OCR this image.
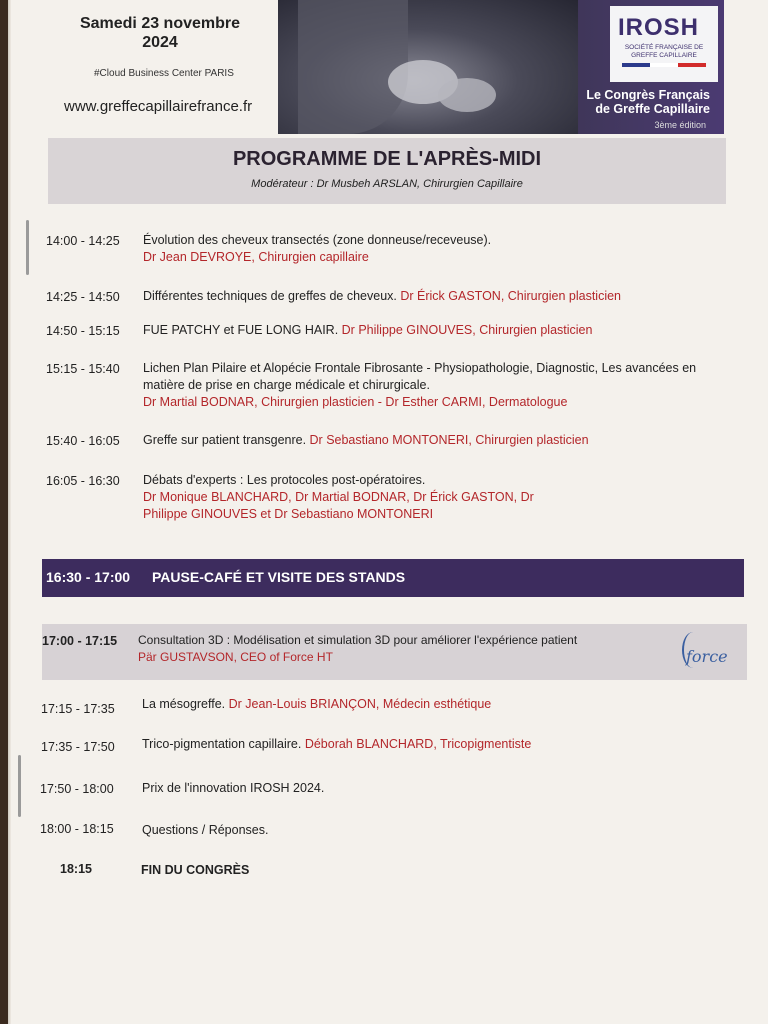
Samedi 23 novembre
2024
#Cloud Business Center PARIS
www.greffecapillairefrance.fr
IROSH
SOCIÉTÉ FRANÇAISE DE GREFFE CAPILLAIRE
Le Congrès Français
de Greffe Capillaire
3ème édition
PROGRAMME DE L'APRÈS-MIDI
Modérateur : Dr Musbeh ARSLAN, Chirurgien Capillaire
14:00 - 14:25	Évolution des cheveux transectés (zone donneuse/receveuse).
Dr Jean DEVROYE, Chirurgien capillaire
14:25 - 14:50	Différentes techniques de greffes de cheveux. Dr Érick GASTON, Chirurgien plasticien
14:50 - 15:15	FUE PATCHY et FUE LONG HAIR. Dr Philippe GINOUVES, Chirurgien plasticien
15:15 - 15:40	Lichen Plan Pilaire et Alopécie Frontale Fibrosante - Physiopathologie, Diagnostic, Les avancées en matière de prise en charge médicale et chirurgicale.
Dr Martial BODNAR, Chirurgien plasticien - Dr Esther CARMI, Dermatologue
15:40 - 16:05	Greffe sur patient transgenre. Dr Sebastiano MONTONERI, Chirurgien plasticien
16:05 - 16:30	Débats d'experts : Les protocoles post-opératoires.
Dr Monique BLANCHARD, Dr Martial BODNAR, Dr Érick GASTON, Dr Philippe GINOUVES et Dr Sebastiano MONTONERI
16:30 - 17:00 PAUSE-CAFÉ ET VISITE DES STANDS
17:00 - 17:15	Consultation 3D : Modélisation et simulation 3D pour améliorer l'expérience patient
Pär GUSTAVSON, CEO of Force HT	force
17:15 - 17:35	La mésogreffe. Dr Jean-Louis BRIANÇON, Médecin esthétique
17:35 - 17:50	Trico-pigmentation capillaire. Déborah BLANCHARD, Tricopigmentiste
17:50 - 18:00	Prix de l'innovation IROSH 2024.
18:00 - 18:15	Questions / Réponses.
18:15	FIN DU CONGRÈS
